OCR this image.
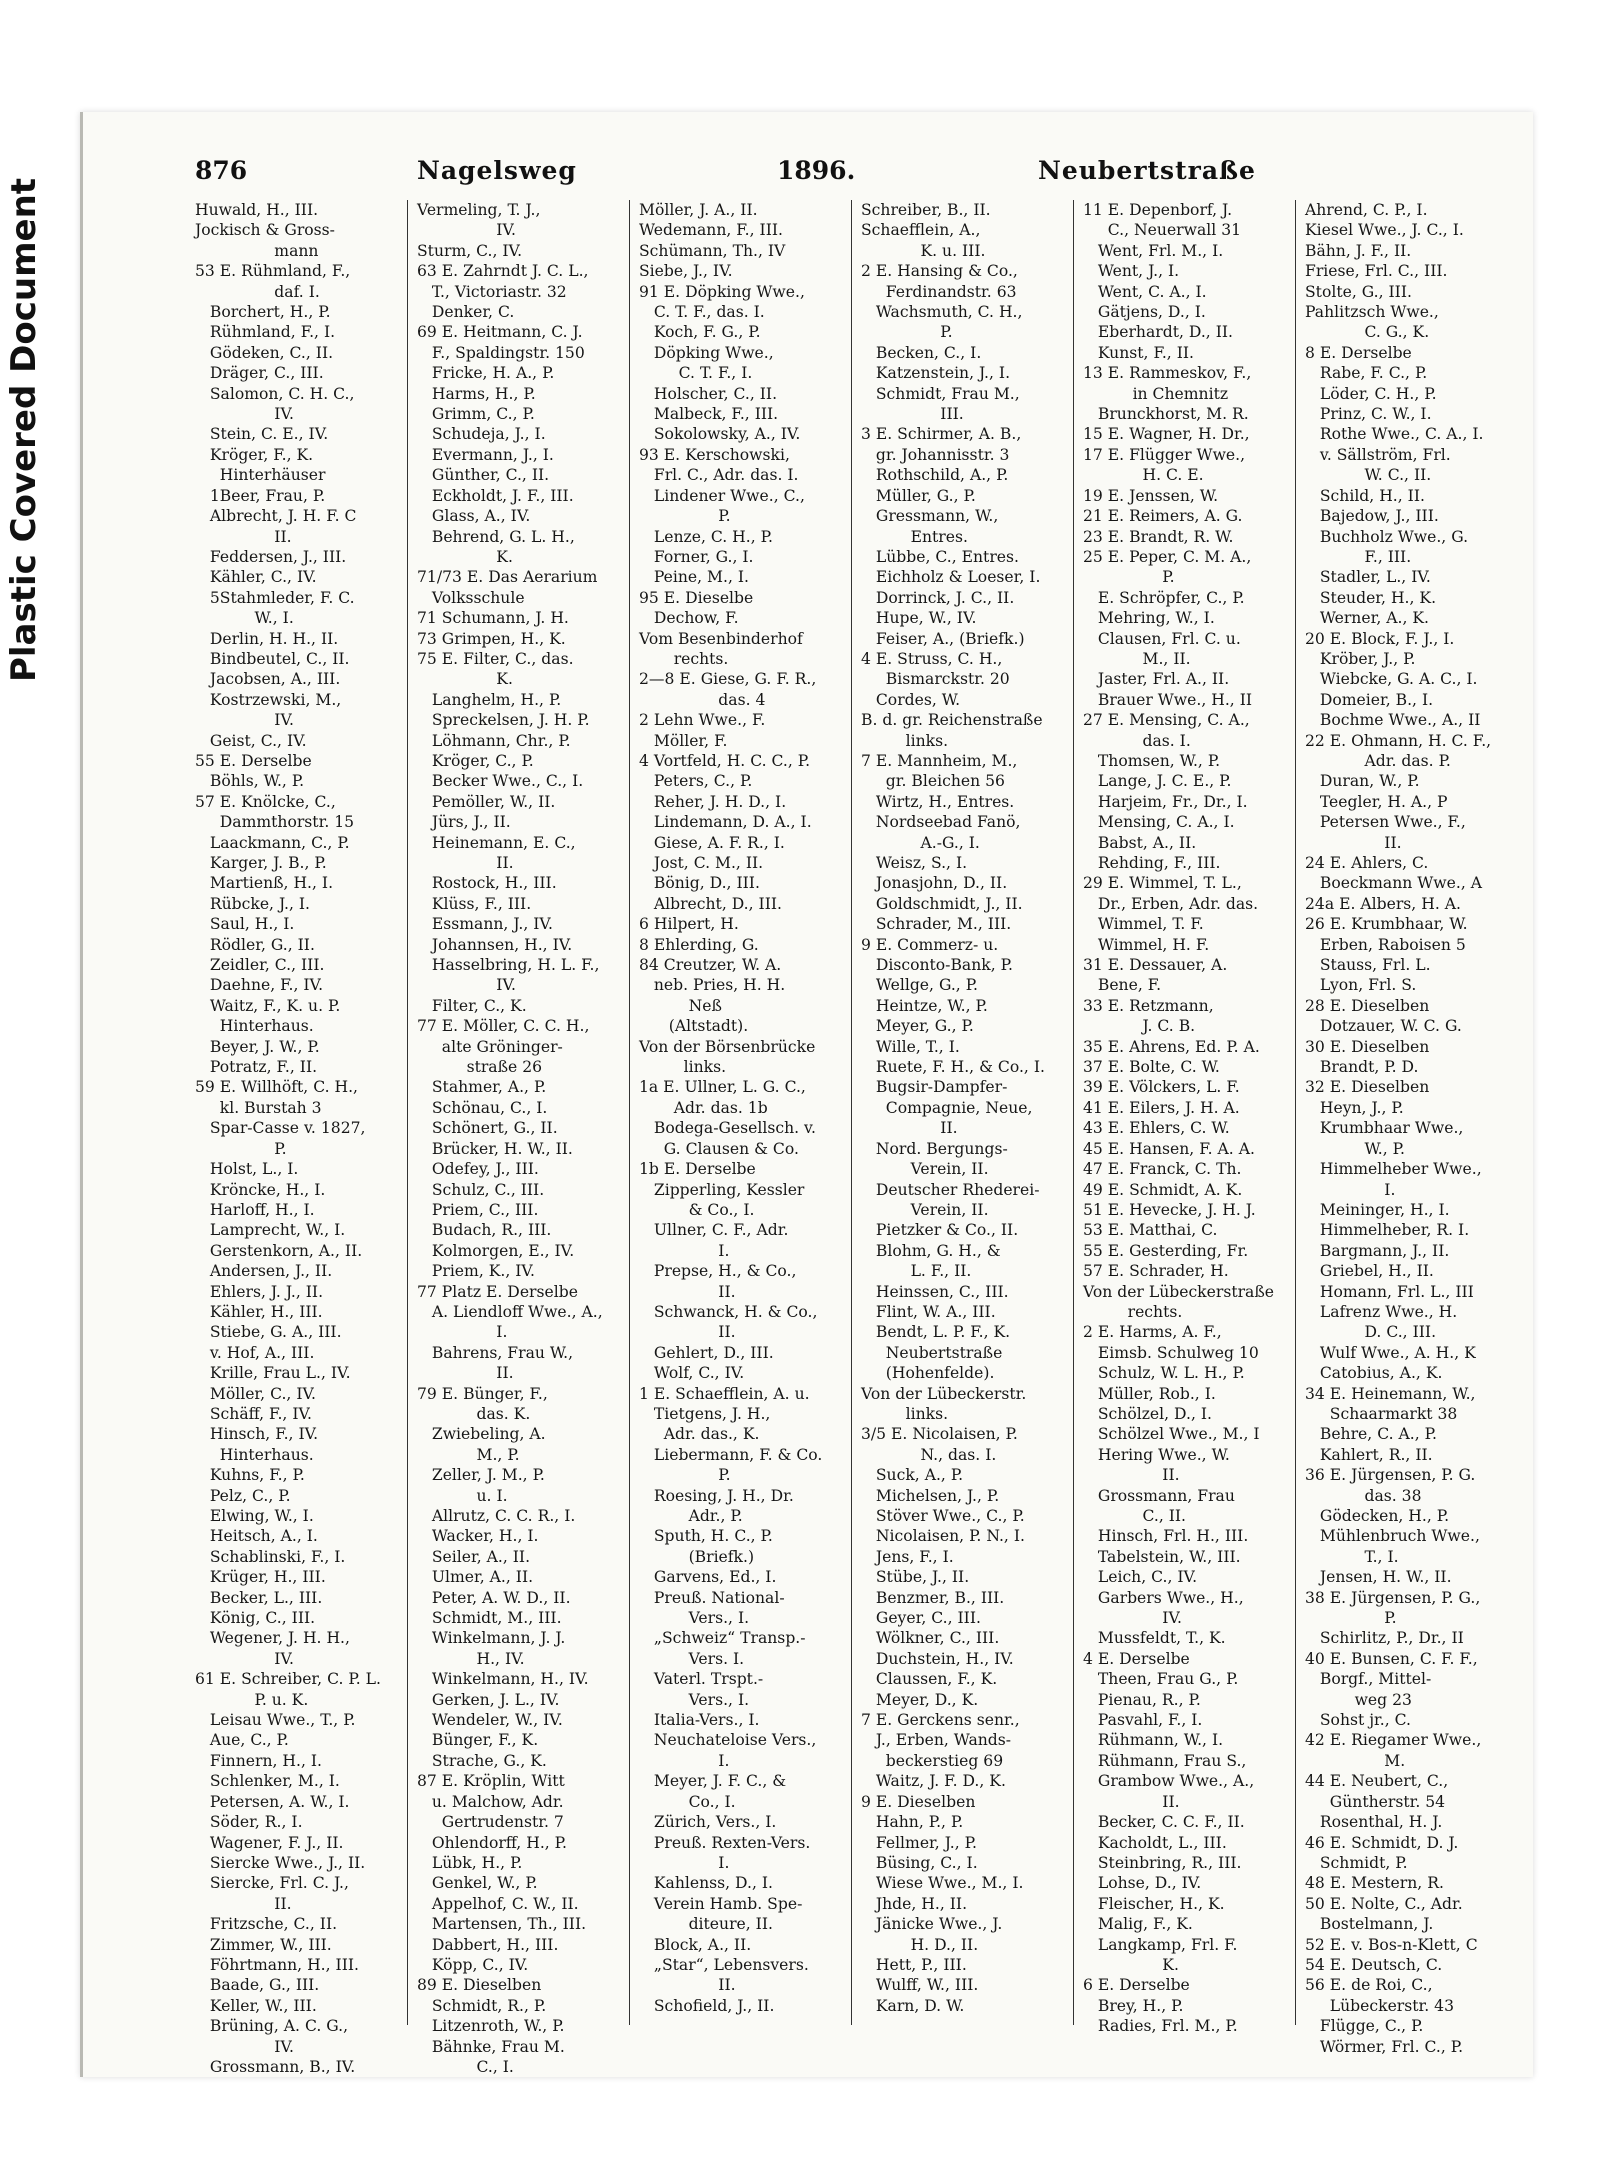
Plastic Covered Document
876	Nagelsweg	1896.	Neubertstraße
Huwald, H., III.
Jockisch & Gross-
mann
53 E. Rühmland, F.,
daf. I.
Borchert, H., P.
Rühmland, F., I.
Gödeken, C., II.
Dräger, C., III.
Salomon, C. H. C.,
IV.
Stein, C. E., IV.
Kröger, F., K.
Hinterhäuser
1Beer, Frau, P.
Albrecht, J. H. F. C
II.
Feddersen, J., III.
Kähler, C., IV.
5Stahmleder, F. C.
W., I.
Derlin, H. H., II.
Bindbeutel, C., II.
Jacobsen, A., III.
Kostrzewski, M.,
IV.
Geist, C., IV.
55 E. Derselbe
Böhls, W., P.
57 E. Knölcke, C.,
Dammthorstr. 15
Laackmann, C., P.
Karger, J. B., P.
Martienß, H., I.
Rübcke, J., I.
Saul, H., I.
Rödler, G., II.
Zeidler, C., III.
Daehne, F., IV.
Waitz, F., K. u. P.
Hinterhaus.
Beyer, J. W., P.
Potratz, F., II.
59 E. Willhöft, C. H.,
kl. Burstah 3
Spar-Casse v. 1827,
P.
Holst, L., I.
Kröncke, H., I.
Harloff, H., I.
Lamprecht, W., I.
Gerstenkorn, A., II.
Andersen, J., II.
Ehlers, J. J., II.
Kähler, H., III.
Stiebe, G. A., III.
v. Hof, A., III.
Krille, Frau L., IV.
Möller, C., IV.
Schäff, F., IV.
Hinsch, F., IV.
Hinterhaus.
Kuhns, F., P.
Pelz, C., P.
Elwing, W., I.
Heitsch, A., I.
Schablinski, F., I.
Krüger, H., III.
Becker, L., III.
König, C., III.
Wegener, J. H. H.,
IV.
61 E. Schreiber, C. P. L.
P. u. K.
Leisau Wwe., T., P.
Aue, C., P.
Finnern, H., I.
Schlenker, M., I.
Petersen, A. W., I.
Söder, R., I.
Wagener, F. J., II.
Siercke Wwe., J., II.
Siercke, Frl. C. J.,
II.
Fritzsche, C., II.
Zimmer, W., III.
Föhrtmann, H., III.
Baade, G., III.
Keller, W., III.
Brüning, A. C. G.,
IV.
Grossmann, B., IV.
Vermeling, T. J.,
IV.
Sturm, C., IV.
63 E. Zahrndt J. C. L.,
T., Victoriastr. 32
Denker, C.
69 E. Heitmann, C. J.
F., Spaldingstr. 150
Fricke, H. A., P.
Harms, H., P.
Grimm, C., P.
Schudeja, J., I.
Evermann, J., I.
Günther, C., II.
Eckholdt, J. F., III.
Glass, A., IV.
Behrend, G. L. H.,
K.
71/73 E. Das Aerarium
Volksschule
71 Schumann, J. H.
73 Grimpen, H., K.
75 E. Filter, C., das.
K.
Langhelm, H., P.
Spreckelsen, J. H. P.
Löhmann, Chr., P.
Kröger, C., P.
Becker Wwe., C., I.
Pemöller, W., II.
Jürs, J., II.
Heinemann, E. C.,
II.
Rostock, H., III.
Klüss, F., III.
Essmann, J., IV.
Johannsen, H., IV.
Hasselbring, H. L. F.,
IV.
Filter, C., K.
77 E. Möller, C. C. H.,
alte Gröninger-
straße 26
Stahmer, A., P.
Schönau, C., I.
Schönert, G., II.
Brücker, H. W., II.
Odefey, J., III.
Schulz, C., III.
Priem, C., III.
Budach, R., III.
Kolmorgen, E., IV.
Priem, K., IV.
77 Platz E. Derselbe
A. Liendloff Wwe., A.,
I.
Bahrens, Frau W.,
II.
79 E. Bünger, F.,
das. K.
Zwiebeling, A.
M., P.
Zeller, J. M., P.
u. I.
Allrutz, C. C. R., I.
Wacker, H., I.
Seiler, A., II.
Ulmer, A., II.
Peter, A. W. D., II.
Schmidt, M., III.
Winkelmann, J. J.
H., IV.
Winkelmann, H., IV.
Gerken, J. L., IV.
Wendeler, W., IV.
Bünger, F., K.
Strache, G., K.
87 E. Kröplin, Witt
u. Malchow, Adr.
Gertrudenstr. 7
Ohlendorff, H., P.
Lübk, H., P.
Genkel, W., P.
Appelhof, C. W., II.
Martensen, Th., III.
Dabbert, H., III.
Köpp, C., IV.
89 E. Dieselben
Schmidt, R., P.
Litzenroth, W., P.
Bähnke, Frau M.
C., I.
Möller, J. A., II.
Wedemann, F., III.
Schümann, Th., IV
Siebe, J., IV.
91 E. Döpking Wwe.,
C. T. F., das. I.
Koch, F. G., P.
Döpking Wwe.,
C. T. F., I.
Holscher, C., II.
Malbeck, F., III.
Sokolowsky, A., IV.
93 E. Kerschowski,
Frl. C., Adr. das. I.
Lindener Wwe., C.,
P.
Lenze, C. H., P.
Forner, G., I.
Peine, M., I.
95 E. Dieselbe
Dechow, F.
Vom Besenbinderhof
rechts.
2—8 E. Giese, G. F. R.,
das. 4
2 Lehn Wwe., F.
Möller, F.
4 Vortfeld, H. C. C., P.
Peters, C., P.
Reher, J. H. D., I.
Lindemann, D. A., I.
Giese, A. F. R., I.
Jost, C. M., II.
Bönig, D., III.
Albrecht, D., III.
6 Hilpert, H.
8 Ehlerding, G.
84 Creutzer, W. A.
neb. Pries, H. H.
Neß
(Altstadt).
Von der Börsenbrücke
links.
1a E. Ullner, L. G. C.,
Adr. das. 1b
Bodega-Gesellsch. v.
G. Clausen & Co.
1b E. Derselbe
Zipperling, Kessler
& Co., I.
Ullner, C. F., Adr.
I.
Prepse, H., & Co.,
II.
Schwanck, H. & Co.,
II.
Gehlert, D., III.
Wolf, C., IV.
1 E. Schaefflein, A. u.
Tietgens, J. H.,
Adr. das., K.
Liebermann, F. & Co.
P.
Roesing, J. H., Dr.
Adr., P.
Sputh, H. C., P.
(Briefk.)
Garvens, Ed., I.
Preuß. National-
Vers., I.
„Schweiz“ Transp.-
Vers. I.
Vaterl. Trspt.-
Vers., I.
Italia-Vers., I.
Neuchateloise Vers.,
I.
Meyer, J. F. C., &
Co., I.
Zürich, Vers., I.
Preuß. Rexten-Vers.
I.
Kahlenss, D., I.
Verein Hamb. Spe-
diteure, II.
Block, A., II.
„Star“, Lebensvers.
II.
Schofield, J., II.
Schreiber, B., II.
Schaefflein, A.,
K. u. III.
2 E. Hansing & Co.,
Ferdinandstr. 63
Wachsmuth, C. H.,
P.
Becken, C., I.
Katzenstein, J., I.
Schmidt, Frau M.,
III.
3 E. Schirmer, A. B.,
gr. Johannisstr. 3
Rothschild, A., P.
Müller, G., P.
Gressmann, W.,
Entres.
Lübbe, C., Entres.
Eichholz & Loeser, I.
Dorrinck, J. C., II.
Hupe, W., IV.
Feiser, A., (Briefk.)
4 E. Struss, C. H.,
Bismarckstr. 20
Cordes, W.
B. d. gr. Reichenstraße
links.
7 E. Mannheim, M.,
gr. Bleichen 56
Wirtz, H., Entres.
Nordseebad Fanö,
A.-G., I.
Weisz, S., I.
Jonasjohn, D., II.
Goldschmidt, J., II.
Schrader, M., III.
9 E. Commerz- u.
Disconto-Bank, P.
Wellge, G., P.
Heintze, W., P.
Meyer, G., P.
Wille, T., I.
Ruete, F. H., & Co., I.
Bugsir-Dampfer-
Compagnie, Neue,
II.
Nord. Bergungs-
Verein, II.
Deutscher Rhederei-
Verein, II.
Pietzker & Co., II.
Blohm, G. H., &
L. F., II.
Heinssen, C., III.
Flint, W. A., III.
Bendt, L. P. F., K.
Neubertstraße
(Hohenfelde).
Von der Lübeckerstr.
links.
3/5 E. Nicolaisen, P.
N., das. I.
Suck, A., P.
Michelsen, J., P.
Stöver Wwe., C., P.
Nicolaisen, P. N., I.
Jens, F., I.
Stübe, J., II.
Benzmer, B., III.
Geyer, C., III.
Wölkner, C., III.
Duchstein, H., IV.
Claussen, F., K.
Meyer, D., K.
7 E. Gerckens senr.,
J., Erben, Wands-
beckerstieg 69
Waitz, J. F. D., K.
9 E. Dieselben
Hahn, P., P.
Fellmer, J., P.
Büsing, C., I.
Wiese Wwe., M., I.
Jhde, H., II.
Jänicke Wwe., J.
H. D., II.
Hett, P., III.
Wulff, W., III.
Karn, D. W.
11 E. Depenborf, J.
C., Neuerwall 31
Went, Frl. M., I.
Went, J., I.
Went, C. A., I.
Gätjens, D., I.
Eberhardt, D., II.
Kunst, F., II.
13 E. Rammeskov, F.,
in Chemnitz
Brunckhorst, M. R.
15 E. Wagner, H. Dr.,
17 E. Flügger Wwe.,
H. C. E.
19 E. Jenssen, W.
21 E. Reimers, A. G.
23 E. Brandt, R. W.
25 E. Peper, C. M. A.,
P.
E. Schröpfer, C., P.
Mehring, W., I.
Clausen, Frl. C. u.
M., II.
Jaster, Frl. A., II.
Brauer Wwe., H., II
27 E. Mensing, C. A.,
das. I.
Thomsen, W., P.
Lange, J. C. E., P.
Harjeim, Fr., Dr., I.
Mensing, C. A., I.
Babst, A., II.
Rehding, F., III.
29 E. Wimmel, T. L.,
Dr., Erben, Adr. das.
Wimmel, T. F.
Wimmel, H. F.
31 E. Dessauer, A.
Bene, F.
33 E. Retzmann,
J. C. B.
35 E. Ahrens, Ed. P. A.
37 E. Bolte, C. W.
39 E. Völckers, L. F.
41 E. Eilers, J. H. A.
43 E. Ehlers, C. W.
45 E. Hansen, F. A. A.
47 E. Franck, C. Th.
49 E. Schmidt, A. K.
51 E. Hevecke, J. H. J.
53 E. Matthai, C.
55 E. Gesterding, Fr.
57 E. Schrader, H.
Von der Lübeckerstraße
rechts.
2 E. Harms, A. F.,
Eimsb. Schulweg 10
Schulz, W. L. H., P.
Müller, Rob., I.
Schölzel, D., I.
Schölzel Wwe., M., I
Hering Wwe., W.
II.
Grossmann, Frau
C., II.
Hinsch, Frl. H., III.
Tabelstein, W., III.
Leich, C., IV.
Garbers Wwe., H.,
IV.
Mussfeldt, T., K.
4 E. Derselbe
Theen, Frau G., P.
Pienau, R., P.
Pasvahl, F., I.
Rühmann, W., I.
Rühmann, Frau S.,
Grambow Wwe., A.,
II.
Becker, C. C. F., II.
Kacholdt, L., III.
Steinbring, R., III.
Lohse, D., IV.
Fleischer, H., K.
Malig, F., K.
Langkamp, Frl. F.
K.
6 E. Derselbe
Brey, H., P.
Radies, Frl. M., P.
Ahrend, C. P., I.
Kiesel Wwe., J. C., I.
Bähn, J. F., II.
Friese, Frl. C., III.
Stolte, G., III.
Pahlitzsch Wwe.,
C. G., K.
8 E. Derselbe
Rabe, F. C., P.
Löder, C. H., P.
Prinz, C. W., I.
Rothe Wwe., C. A., I.
v. Sällström, Frl.
W. C., II.
Schild, H., II.
Bajedow, J., III.
Buchholz Wwe., G.
F., III.
Stadler, L., IV.
Steuder, H., K.
Werner, A., K.
20 E. Block, F. J., I.
Kröber, J., P.
Wiebcke, G. A. C., I.
Domeier, B., I.
Bochme Wwe., A., II
22 E. Ohmann, H. C. F.,
Adr. das. P.
Duran, W., P.
Teegler, H. A., P
Petersen Wwe., F.,
II.
24 E. Ahlers, C.
Boeckmann Wwe., A
24a E. Albers, H. A.
26 E. Krumbhaar, W.
Erben, Raboisen 5
Stauss, Frl. L.
Lyon, Frl. S.
28 E. Dieselben
Dotzauer, W. C. G.
30 E. Dieselben
Brandt, P. D.
32 E. Dieselben
Heyn, J., P.
Krumbhaar Wwe.,
W., P.
Himmelheber Wwe.,
I.
Meininger, H., I.
Himmelheber, R. I.
Bargmann, J., II.
Griebel, H., II.
Homann, Frl. L., III
Lafrenz Wwe., H.
D. C., III.
Wulf Wwe., A. H., K
Catobius, A., K.
34 E. Heinemann, W.,
Schaarmarkt 38
Behre, C. A., P.
Kahlert, R., II.
36 E. Jürgensen, P. G.
das. 38
Gödecken, H., P.
Mühlenbruch Wwe.,
T., I.
Jensen, H. W., II.
38 E. Jürgensen, P. G.,
P.
Schirlitz, P., Dr., II
40 E. Bunsen, C. F. F.,
Borgf., Mittel-
weg 23
Sohst jr., C.
42 E. Riegamer Wwe.,
M.
44 E. Neubert, C.,
Güntherstr. 54
Rosenthal, H. J.
46 E. Schmidt, D. J.
Schmidt, P.
48 E. Mestern, R.
50 E. Nolte, C., Adr.
Bostelmann, J.
52 E. v. Bos-n-Klett, C
54 E. Deutsch, C.
56 E. de Roi, C.,
Lübeckerstr. 43
Flügge, C., P.
Wörmer, Frl. C., P.
